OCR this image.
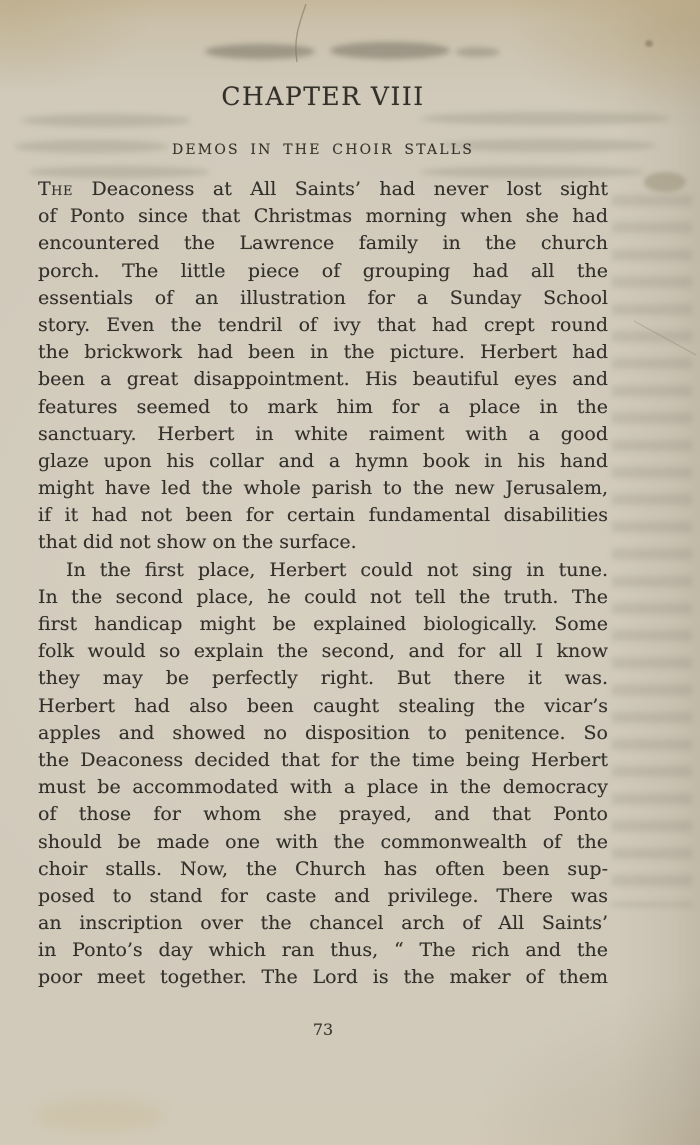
CHAPTER VIII
DEMOS IN THE CHOIR STALLS
The Deaconess at All Saints’ had never lost sight
of Ponto since that Christmas morning when she had
encountered the Lawrence family in the church
porch. The little piece of grouping had all the
essentials of an illustration for a Sunday School
story. Even the tendril of ivy that had crept round
the brickwork had been in the picture. Herbert had
been a great disappointment. His beautiful eyes and
features seemed to mark him for a place in the
sanctuary. Herbert in white raiment with a good
glaze upon his collar and a hymn book in his hand
might have led the whole parish to the new Jerusalem,
if it had not been for certain fundamental disabilities
that did not show on the surface.
In the first place, Herbert could not sing in tune.
In the second place, he could not tell the truth. The
first handicap might be explained biologically. Some
folk would so explain the second, and for all I know
they may be perfectly right. But there it was.
Herbert had also been caught stealing the vicar’s
apples and showed no disposition to penitence. So
the Deaconess decided that for the time being Herbert
must be accommodated with a place in the democracy
of those for whom she prayed, and that Ponto
should be made one with the commonwealth of the
choir stalls. Now, the Church has often been sup-
posed to stand for caste and privilege. There was
an inscription over the chancel arch of All Saints’
in Ponto’s day which ran thus, “ The rich and the
poor meet together. The Lord is the maker of them
73
